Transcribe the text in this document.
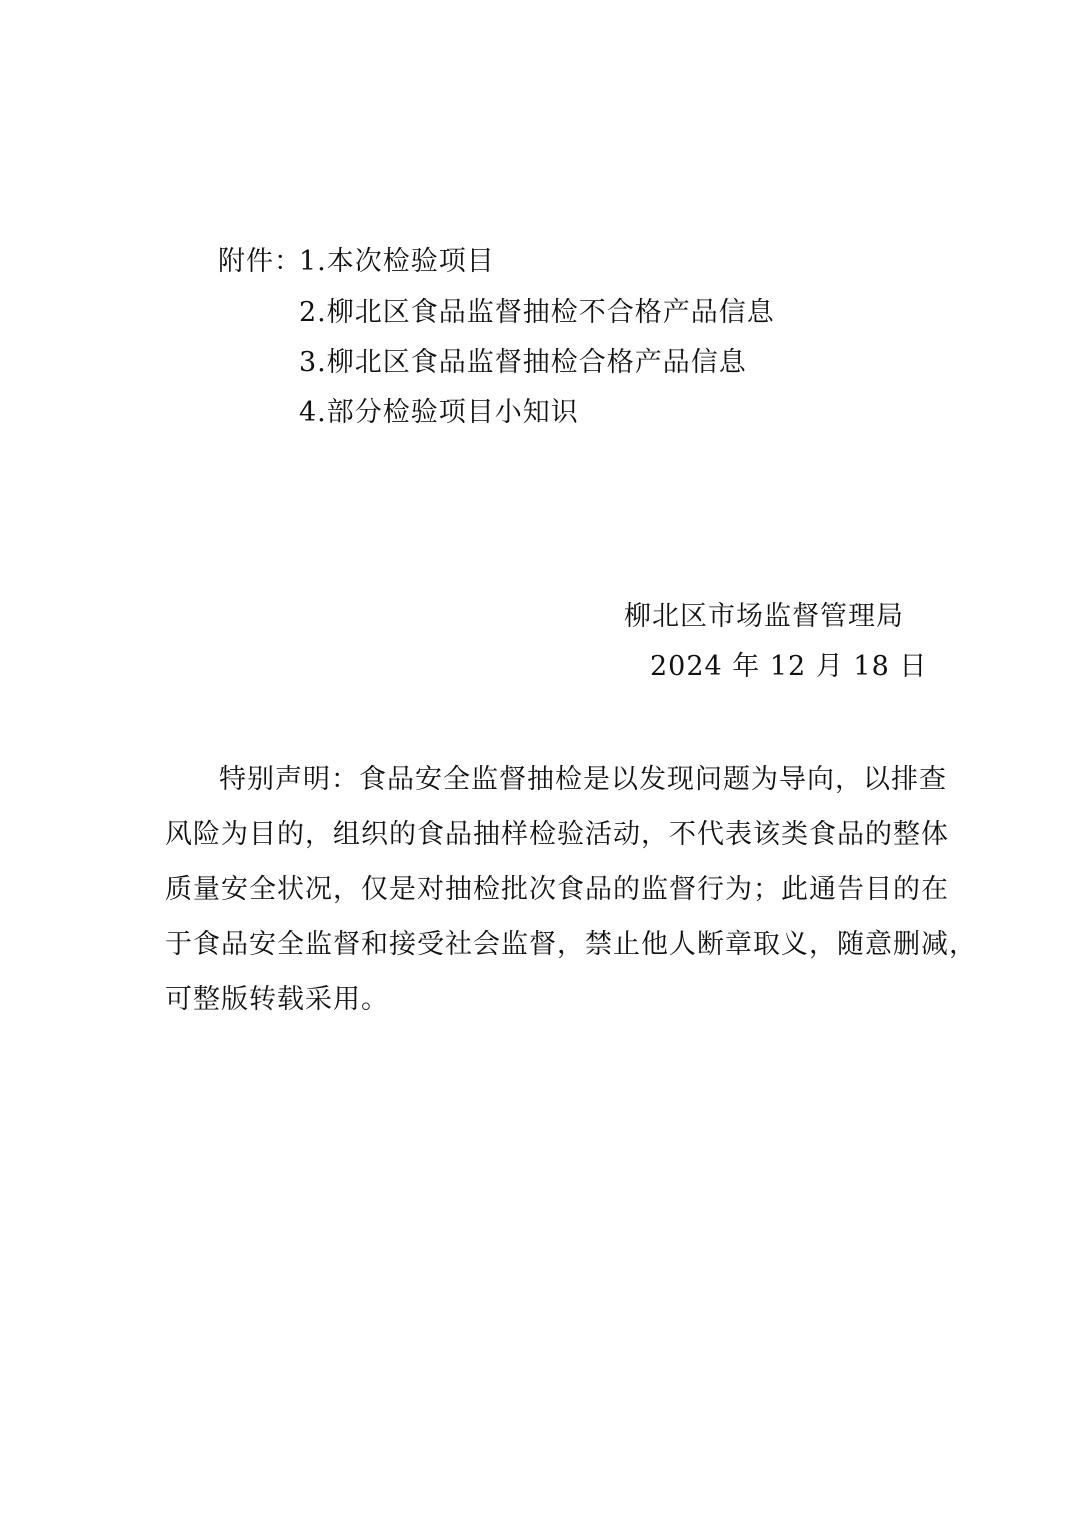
附件：
1.本次检验项目
2.柳北区食品监督抽检不合格产品信息
3.柳北区食品监督抽检合格产品信息
4.部分检验项目小知识
柳北区市场监督管理局
2024 年 12 月 18 日
特别声明：食品安全监督抽检是以发现问题为导向，以排查
风险为目的，组织的食品抽样检验活动，不代表该类食品的整体
质量安全状况，仅是对抽检批次食品的监督行为；此通告目的在
于食品安全监督和接受社会监督，禁止他人断章取义，随意删减，
可整版转载采用。
